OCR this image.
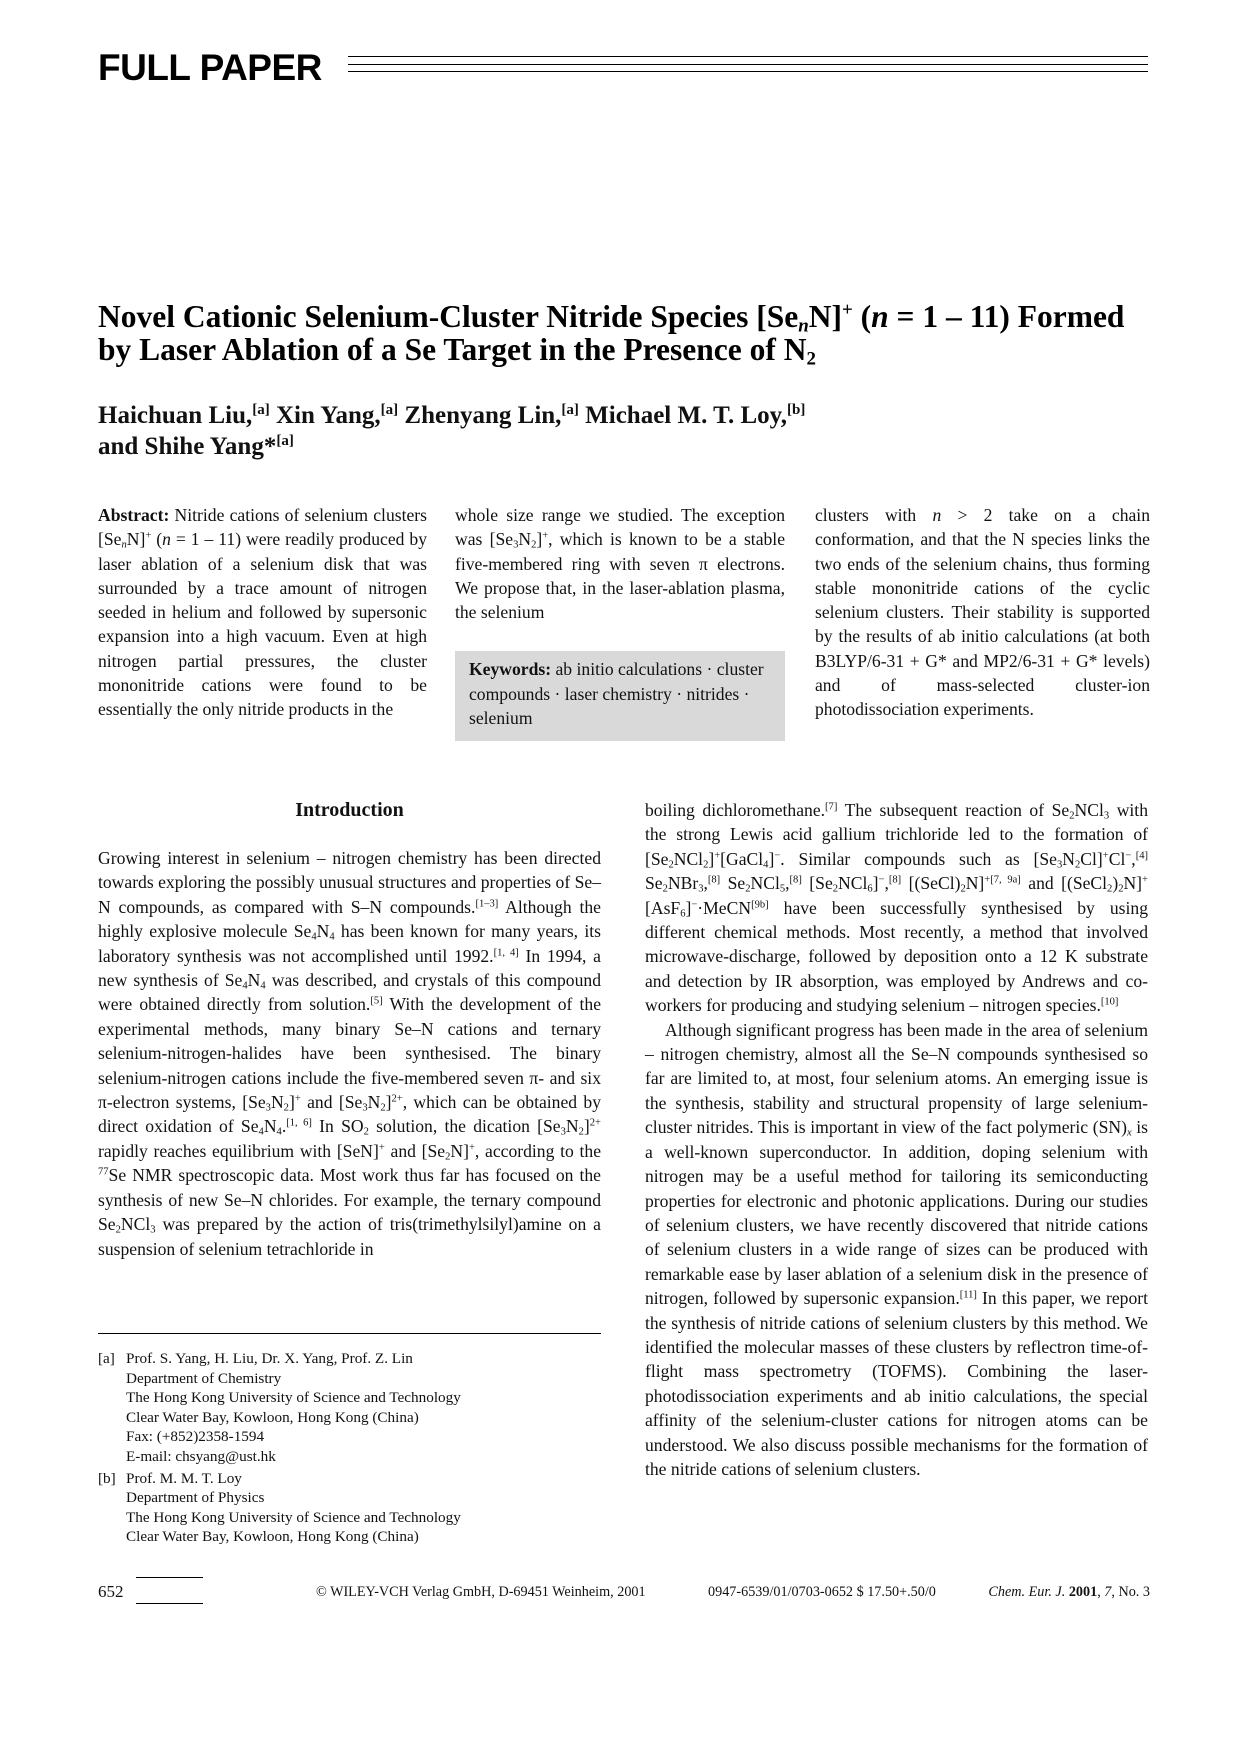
FULL PAPER
Novel Cationic Selenium-Cluster Nitride Species $[Se_nN]^+$ (n = 1 – 11) Formed by Laser Ablation of a Se Target in the Presence of $N_2$
Haichuan Liu,[a] Xin Yang,[a] Zhenyang Lin,[a] Michael M. T. Loy,[b]
and Shihe Yang*[a]

Abstract: Nitride cations of selenium clusters $[Se_nN]^+$ (n = 1 – 11) were readily produced by laser ablation of a selenium disk that was surrounded by a trace amount of nitrogen seeded in helium and followed by supersonic expansion into a high vacuum. Even at high nitrogen partial pressures, the cluster mononitride cations were found to be essentially the only nitride products in the

whole size range we studied. The exception was $[Se_3N_2]^+$, which is known to be a stable five-membered ring with seven π electrons. We propose that, in the laser-ablation plasma, the selenium

Keywords: ab initio calculations · cluster compounds · laser chemistry · nitrides · selenium

clusters with n > 2 take on a chain conformation, and that the N species links the two ends of the selenium chains, thus forming stable mononitride cations of the cyclic selenium clusters. Their stability is supported by the results of ab initio calculations (at both B3LYP/6-31 + G* and MP2/6-31 + G* levels) and of mass-selected cluster-ion photodissociation experiments.

Introduction

Growing interest in selenium – nitrogen chemistry has been directed towards exploring the possibly unusual structures and properties of Se–N compounds, as compared with S–N compounds.[1–3] Although the highly explosive molecule $Se_4N_4$ has been known for many years, its laboratory synthesis was not accomplished until 1992.[1, 4] In 1994, a new synthesis of $Se_4N_4$ was described, and crystals of this compound were obtained directly from solution.[5] With the development of the experimental methods, many binary Se–N cations and ternary selenium-nitrogen-halides have been synthesised. The binary selenium-nitrogen cations include the five-membered seven π- and six π-electron systems, $[Se_3N_2]^+$ and $[Se_3N_2]^{2+}$, which can be obtained by direct oxidation of $Se_4N_4.[1, 6]$ In $SO_2$ solution, the dication $[Se_3N_2]^{2+}$ rapidly reaches equilibrium with [SeN]+ and $[Se_2N]^+$, according to the $^{77}$Se NMR spectroscopic data. Most work thus far has focused on the synthesis of new Se–N chlorides. For example, the ternary compound $Se_2NCl_3$ was prepared by the action of tris(trimethylsilyl)amine on a suspension of selenium tetrachloride in

[a] Prof. S. Yang, H. Liu, Dr. X. Yang, Prof. Z. Lin
Department of Chemistry
The Hong Kong University of Science and Technology
Clear Water Bay, Kowloon, Hong Kong (China)
Fax: (+852)2358-1594
E-mail: chsyang@ust.hk
[b] Prof. M. M. T. Loy
Department of Physics
The Hong Kong University of Science and Technology
Clear Water Bay, Kowloon, Hong Kong (China)

boiling dichloromethane.[7] The subsequent reaction of $Se_2NCl_3$ with the strong Lewis acid gallium trichloride led to the formation of $[Se_2NCl_2]^+[GaCl_4]^-$. Similar compounds such as $[Se_3N_2Cl]^+Cl^-,[4]$ $Se_2NBr_3,[8]$ $Se_2NCl_5,[8]$ $[Se_2NCl_6]^-,[8]$ $[(SeCl)_2N]^{+[7, 9a]}$ and $[(SeCl_2)_2N]^+[AsF_6]^-\cdot MeCN[9b]$ have been successfully synthesised by using different chemical methods. Most recently, a method that involved microwave-discharge, followed by deposition onto a 12 K substrate and detection by IR absorption, was employed by Andrews and co-workers for producing and studying selenium – nitrogen species.[10]

Although significant progress has been made in the area of selenium – nitrogen chemistry, almost all the Se–N compounds synthesised so far are limited to, at most, four selenium atoms. An emerging issue is the synthesis, stability and structural propensity of large selenium-cluster nitrides. This is important in view of the fact polymeric $(SN)_x$ is a well-known superconductor. In addition, doping selenium with nitrogen may be a useful method for tailoring its semiconducting properties for electronic and photonic applications. During our studies of selenium clusters, we have recently discovered that nitride cations of selenium clusters in a wide range of sizes can be produced with remarkable ease by laser ablation of a selenium disk in the presence of nitrogen, followed by supersonic expansion.[11] In this paper, we report the synthesis of nitride cations of selenium clusters by this method. We identified the molecular masses of these clusters by reflectron time-of-flight mass spectrometry (TOFMS). Combining the laser-photodissociation experiments and ab initio calculations, the special affinity of the selenium-cluster cations for nitrogen atoms can be understood. We also discuss possible mechanisms for the formation of the nitride cations of selenium clusters.

652	© WILEY-VCH Verlag GmbH, D-69451 Weinheim, 2001	0947-6539/01/0703-0652 $ 17.50+.50/0	Chem. Eur. J. 2001, 7, No. 3
